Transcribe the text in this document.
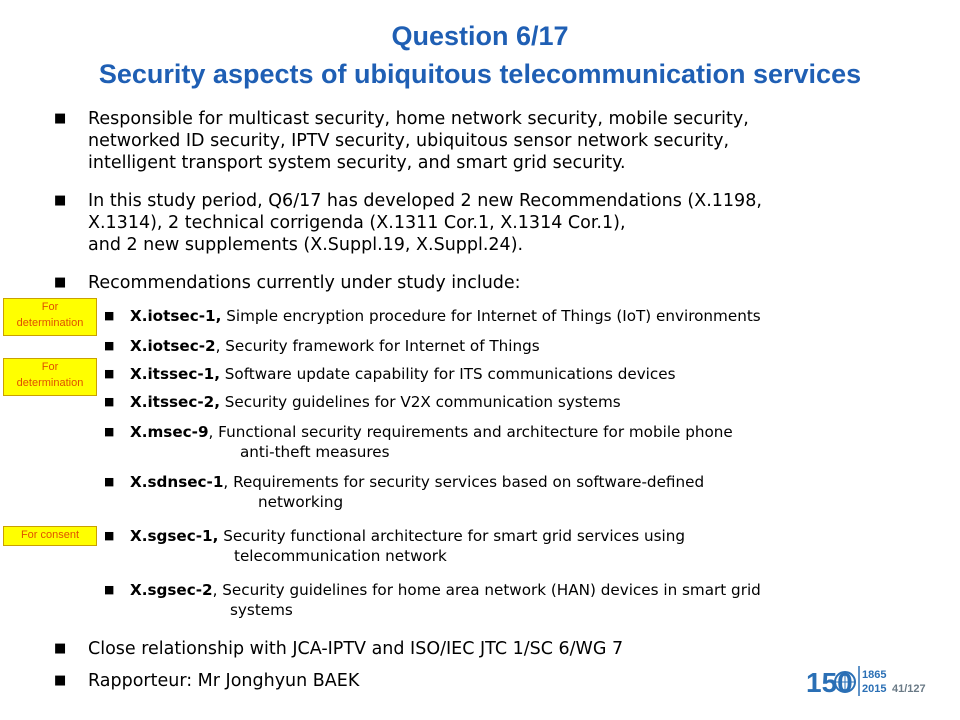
Question 6/17
Security aspects of ubiquitous telecommunication services
■ Responsible for multicast security, home network security, mobile security,
networked ID security, IPTV security, ubiquitous sensor network security,
intelligent transport system security, and smart grid security.
■ In this study period, Q6/17 has developed 2 new Recommendations (X.1198,
X.1314), 2 technical corrigenda (X.1311 Cor.1, X.1314 Cor.1),
and 2 new supplements (X.Suppl.19, X.Suppl.24).
■ Recommendations currently under study include:
■ X.iotsec-1, Simple encryption procedure for Internet of Things (IoT) environments
■ X.iotsec-2, Security framework for Internet of Things
■ X.itssec-1, Software update capability for ITS communications devices
■ X.itssec-2, Security guidelines for V2X communication systems
■ X.msec-9, Functional security requirements and architecture for mobile phone
anti-theft measures
■ X.sdnsec-1, Requirements for security services based on software-defined
networking
■ X.sgsec-1, Security functional architecture for smart grid services using
telecommunication network
■ X.sgsec-2, Security guidelines for home area network (HAN) devices in smart grid
systems
■ Close relationship with JCA-IPTV and ISO/IEC JTC 1/SC 6/WG 7
■ Rapporteur: Mr Jonghyun BAEK
For
determination
For
determination
For consent
150 1865
2015 41/127
